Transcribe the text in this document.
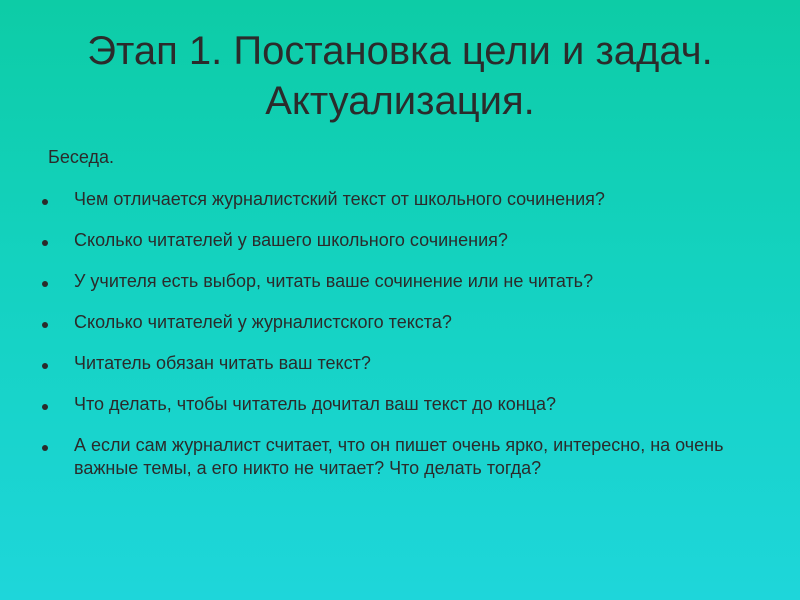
Этап 1. Постановка цели и задач.
Актуализация.
Беседа.
Чем отличается журналистский текст от школьного сочинения?
Сколько читателей у вашего школьного сочинения?
У учителя есть выбор, читать ваше сочинение или не читать?
Сколько читателей у журналистского текста?
Читатель обязан читать ваш текст?
Что делать, чтобы читатель дочитал ваш текст до конца?
А если сам журналист считает, что он пишет очень ярко, интересно, на очень важные темы, а его никто не читает? Что делать тогда?
